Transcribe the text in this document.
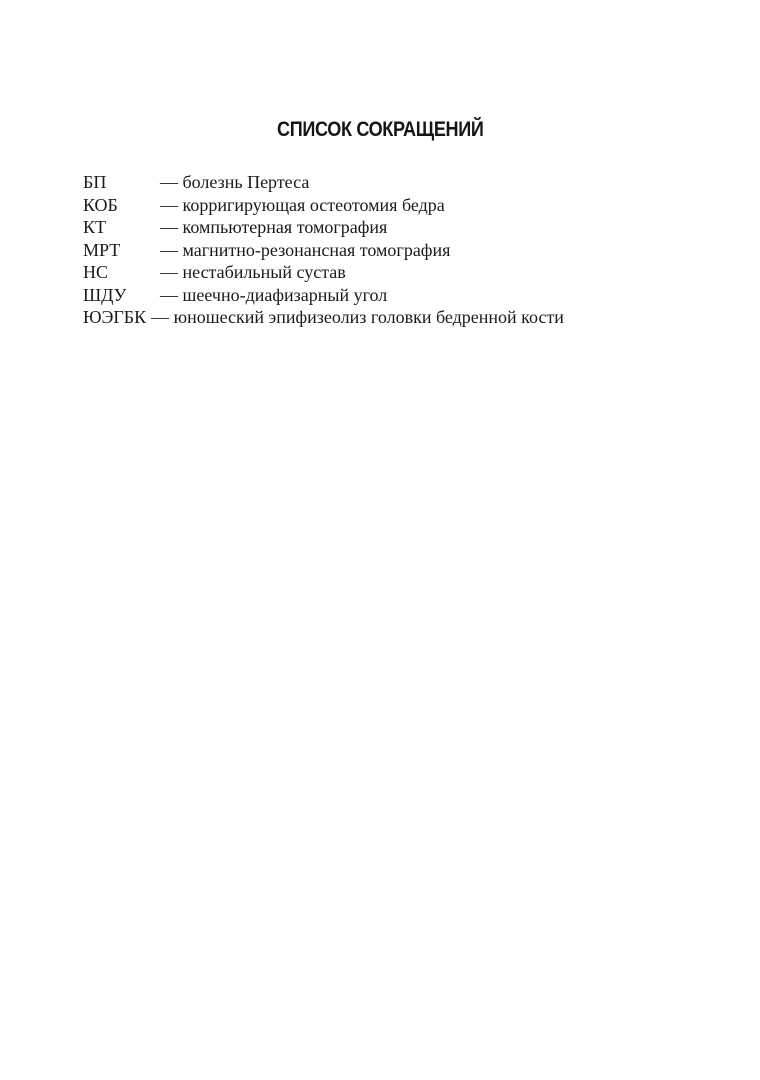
СПИСОК СОКРАЩЕНИЙ
БП	— болезнь Пертеса
КОБ	— корригирующая остеотомия бедра
КТ	— компьютерная томография
МРТ	— магнитно-резонансная томография
НС	— нестабильный сустав
ШДУ	— шеечно-диафизарный угол
ЮЭГБК — юношеский эпифизеолиз головки бедренной кости
